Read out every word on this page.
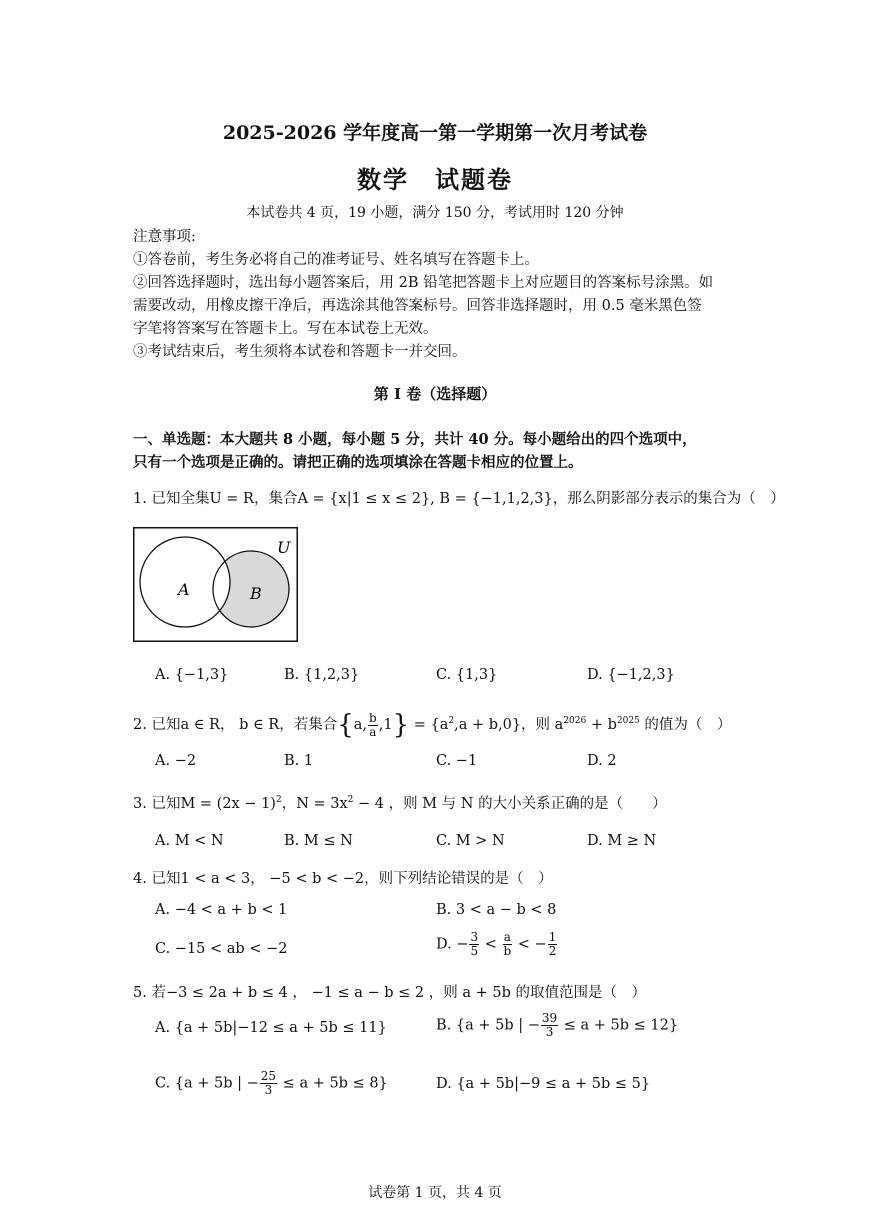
2025-2026 学年度高一第一学期第一次月考试卷
数学　试题卷
本试卷共 4 页，19 小题，满分 150 分，考试用时 120 分钟
注意事项:
①答卷前，考生务必将自己的准考证号、姓名填写在答题卡上。
②回答选择题时，选出每小题答案后，用 2B 铅笔把答题卡上对应题目的答案标号涂黑。如
需要改动，用橡皮擦干净后，再选涂其他答案标号。回答非选择题时，用 0.5 毫米黑色签
字笔将答案写在答题卡上。写在本试卷上无效。
③考试结束后，考生须将本试卷和答题卡一并交回。
第 I 卷（选择题）
一、单选题：本大题共 8 小题，每小题 5 分，共计 40 分。每小题给出的四个选项中，
只有一个选项是正确的。请把正确的选项填涂在答题卡相应的位置上。
1. 已知全集U = R，集合A = {x|1 ≤ x ≤ 2}, B = {−1,1,2,3}，那么阴影部分表示的集合为（　）
U
A	B
A. {−1,3}	B. {1,2,3}	C. {1,3}	D. {−1,2,3}
2. 已知a ∈ R， b ∈ R，若集合{a, $\frac{b}{a} ,1\} = \{a^2,a + b,0\}$，则 $a^{2026} + b^{2025}$ 的值为（　）
A. −2	B. 1	C. −1	D. 2
3. 已知$M = (2x - 1)^2$，$N = 3x^2 - 4$ ，则 M 与 N 的大小关系正确的是（　　）
A. M < N	B. M ≤ N	C. M > N	D. M ≥ N
4. 已知1 < a < 3， −5 < b < −2，则下列结论错误的是（　）
A. −4 < a + b < 1	B. 3 < a − b < 8
C. −15 < ab < −2	D. − $\frac{3}{5} < \frac{a}{b}$ < − $\frac{1}{2}$
5. 若−3 ≤ 2a + b ≤ 4 ， −1 ≤ a − b ≤ 2 ，则 a + 5b 的取值范围是（　）
A. {a + 5b|−12 ≤ a + 5b ≤ 11}	B. {a + 5b | − $\frac{39}{3} \le a + 5b \le 12$}
C. {a + 5b | − $\frac{25}{3} \le a + 5b \le 8$}	D. {a + 5b|−9 ≤ a + 5b ≤ 5}
试卷第 1 页，共 4 页
